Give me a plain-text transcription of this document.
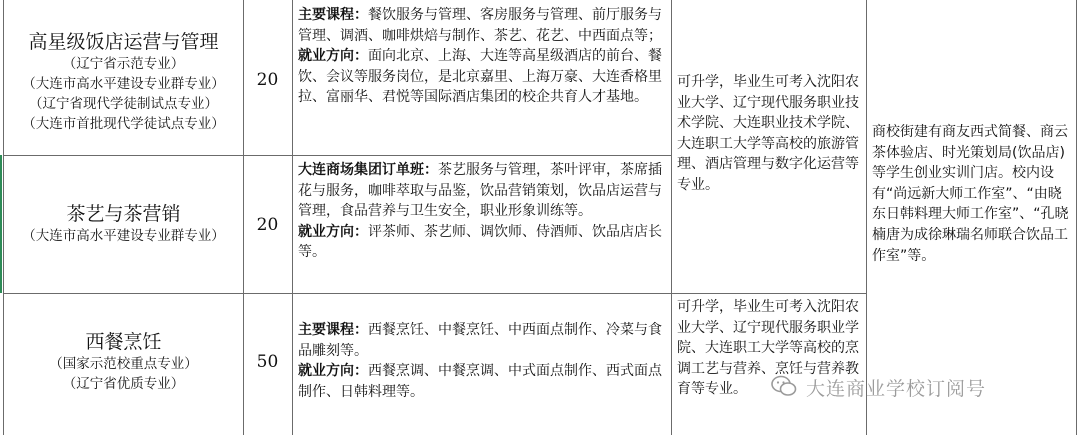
高星级饭店运营与管理
（辽宁省示范专业）
（大连市高水平建设专业群专业）
（辽宁省现代学徒制试点专业）
（大连市首批现代学徒试点专业）
20
主要课程：餐饮服务与管理、客房服务与管理、前厅服务与管理、调酒、咖啡烘焙与制作、茶艺、花艺、中西面点等；
就业方向：面向北京、上海、大连等高星级酒店的前台、餐饮、会议等服务岗位，是北京嘉里、上海万豪、大连香格里拉、富丽华、君悦等国际酒店集团的校企共育人才基地。
茶艺与茶营销
（大连市高水平建设专业群专业）
20
大连商场集团订单班：茶艺服务与管理，茶叶评审，茶席插花与服务，咖啡萃取与品鉴，饮品营销策划，饮品店运营与管理，食品营养与卫生安全，职业形象训练等。
就业方向：评茶师、茶艺师、调饮师、侍酒师、饮品店店长等。
西餐烹饪
（国家示范校重点专业）
（辽宁省优质专业）
50
主要课程：西餐烹饪、中餐烹饪、中西面点制作、冷菜与食品雕刻等。
就业方向：西餐烹调、中餐烹调、中式面点制作、西式面点制作、日韩料理等。
可升学，毕业生可考入沈阳农业大学、辽宁现代服务职业技术学院、大连职业技术学院、大连职工大学等高校的旅游管理、酒店管理与数字化运营等专业。
可升学，毕业生可考入沈阳农业大学、辽宁现代服务职业学院、大连职工大学等高校的烹调工艺与营养、烹饪与营养教育等专业。
商校街建有商友西式简餐、商云茶体验店、时光策划局(饮品店)等学生创业实训门店。校内设有“尚远新大师工作室”、“由晓东日韩料理大师工作室”、“孔晓楠唐为成徐琳瑞名师联合饮品工作室”等。
大连商业学校订阅号
